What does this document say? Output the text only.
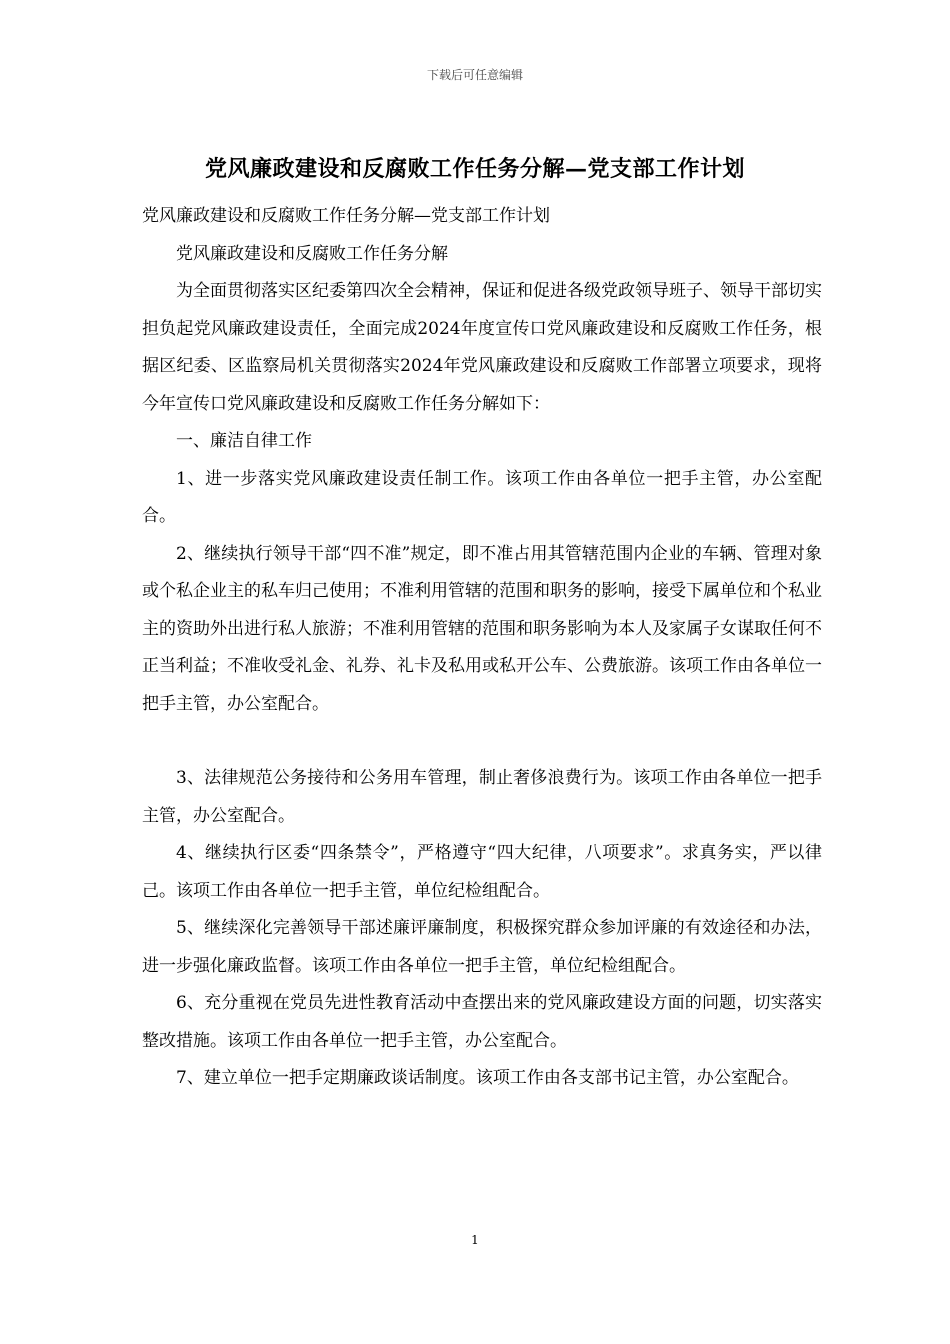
下载后可任意编辑
党风廉政建设和反腐败工作任务分解—党支部工作计划

党风廉政建设和反腐败工作任务分解—党支部工作计划

党风廉政建设和反腐败工作任务分解

为全面贯彻落实区纪委第四次全会精神，保证和促进各级党政领导班子、领导干部切实担负起党风廉政建设责任，全面完成2024年度宣传口党风廉政建设和反腐败工作任务，根据区纪委、区监察局机关贯彻落实2024年党风廉政建设和反腐败工作部署立项要求，现将今年宣传口党风廉政建设和反腐败工作任务分解如下：

一、廉洁自律工作

1、进一步落实党风廉政建设责任制工作。该项工作由各单位一把手主管，办公室配合。

2、继续执行领导干部“四不准”规定，即不准占用其管辖范围内企业的车辆、管理对象或个私企业主的私车归己使用；不准利用管辖的范围和职务的影响，接受下属单位和个私业主的资助外出进行私人旅游；不准利用管辖的范围和职务影响为本人及家属子女谋取任何不正当利益；不准收受礼金、礼券、礼卡及私用或私开公车、公费旅游。该项工作由各单位一把手主管，办公室配合。

3、法律规范公务接待和公务用车管理，制止奢侈浪费行为。该项工作由各单位一把手主管，办公室配合。

4、继续执行区委“四条禁令”，严格遵守“四大纪律，八项要求”。求真务实，严以律己。该项工作由各单位一把手主管，单位纪检组配合。

5、继续深化完善领导干部述廉评廉制度，积极探究群众参加评廉的有效途径和办法，进一步强化廉政监督。该项工作由各单位一把手主管，单位纪检组配合。

6、充分重视在党员先进性教育活动中查摆出来的党风廉政建设方面的问题，切实落实整改措施。该项工作由各单位一把手主管，办公室配合。

7、建立单位一把手定期廉政谈话制度。该项工作由各支部书记主管，办公室配合。

1
